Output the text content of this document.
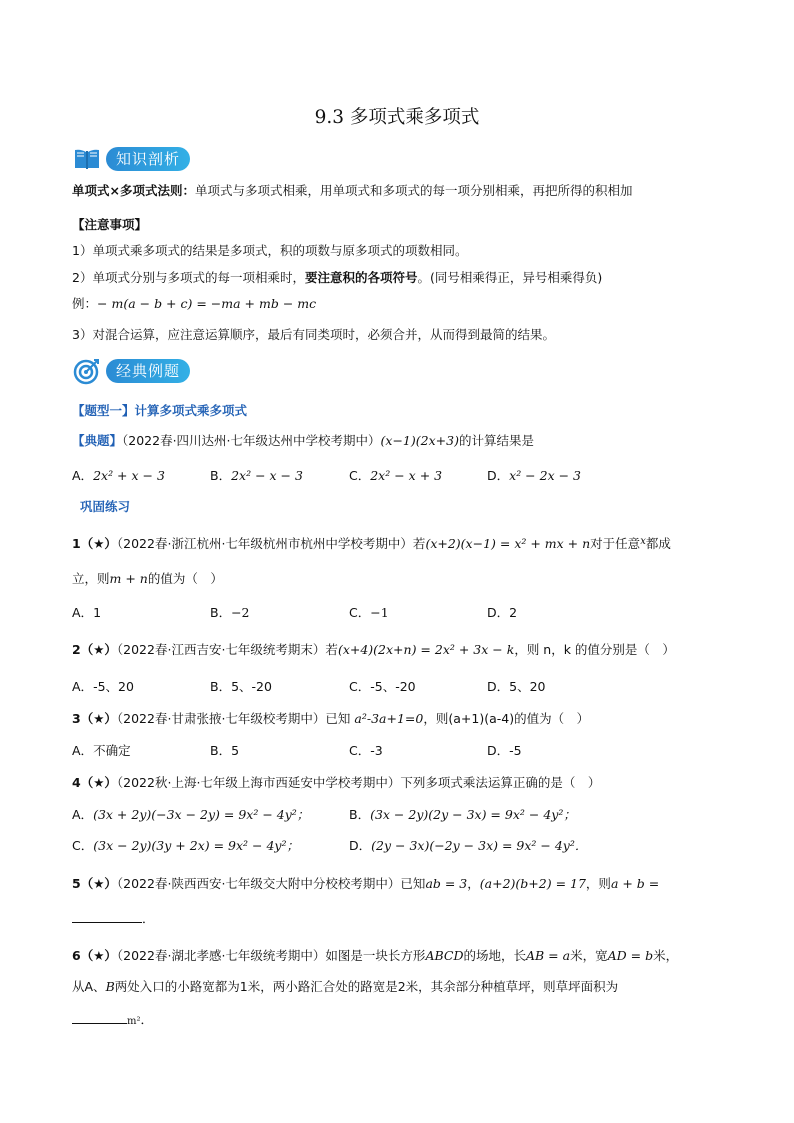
9.3 多项式乘多项式
知识剖析
单项式×多项式法则：单项式与多项式相乘，用单项式和多项式的每一项分别相乘，再把所得的积相加
【注意事项】
1）单项式乘多项式的结果是多项式，积的项数与原多项式的项数相同。
2）单项式分别与多项式的每一项相乘时，要注意积的各项符号。(同号相乘得正，异号相乘得负)
例：− m(a − b + c) = −ma + mb − mc
3）对混合运算，应注意运算顺序，最后有同类项时，必须合并，从而得到最简的结果。
经典例题
【题型一】计算多项式乘多项式
【典题】（2022春·四川达州·七年级达州中学校考期中）(x−1)(2x+3)的计算结果是
A．2x² + x − 3	B．2x² − x − 3	C．2x² − x + 3	D．x² − 2x − 3
巩固练习
1（★）（2022春·浙江杭州·七年级杭州市杭州中学校考期中）若(x+2)(x−1) = x² + mx + n对于任意$^x$都成
立，则m + n的值为（　）
A．1	B．−2	C．−1	D．2
2（★）（2022春·江西吉安·七年级统考期末）若(x+4)(2x+n) = 2x² + 3x − k，则 n，k 的值分别是（　）
A．-5、20	B．5、-20	C．-5、-20	D．5、20
3（★）（2022春·甘肃张掖·七年级校考期中）已知 a²-3a+1=0，则(a+1)(a-4)的值为（　）
A．不确定	B．5	C．-3	D．-5
4（★）（2022秋·上海·七年级上海市西延安中学校考期中）下列多项式乘法运算正确的是（　）
A．(3x + 2y)(−3x − 2y) = 9x² − 4y²；	B．(3x − 2y)(2y − 3x) = 9x² − 4y²；
C．(3x − 2y)(3y + 2x) = 9x² − 4y²；	D．(2y − 3x)(−2y − 3x) = 9x² − 4y²．
5（★）（2022春·陕西西安·七年级交大附中分校校考期中）已知ab = 3，(a+2)(b+2) = 17，则a + b =
．
6（★）（2022春·湖北孝感·七年级统考期中）如图是一块长方形ABCD的场地，长AB = a米，宽AD = b米，
从A、B两处入口的小路宽都为1米，两小路汇合处的路宽是2米，其余部分种植草坪，则草坪面积为
m²．
